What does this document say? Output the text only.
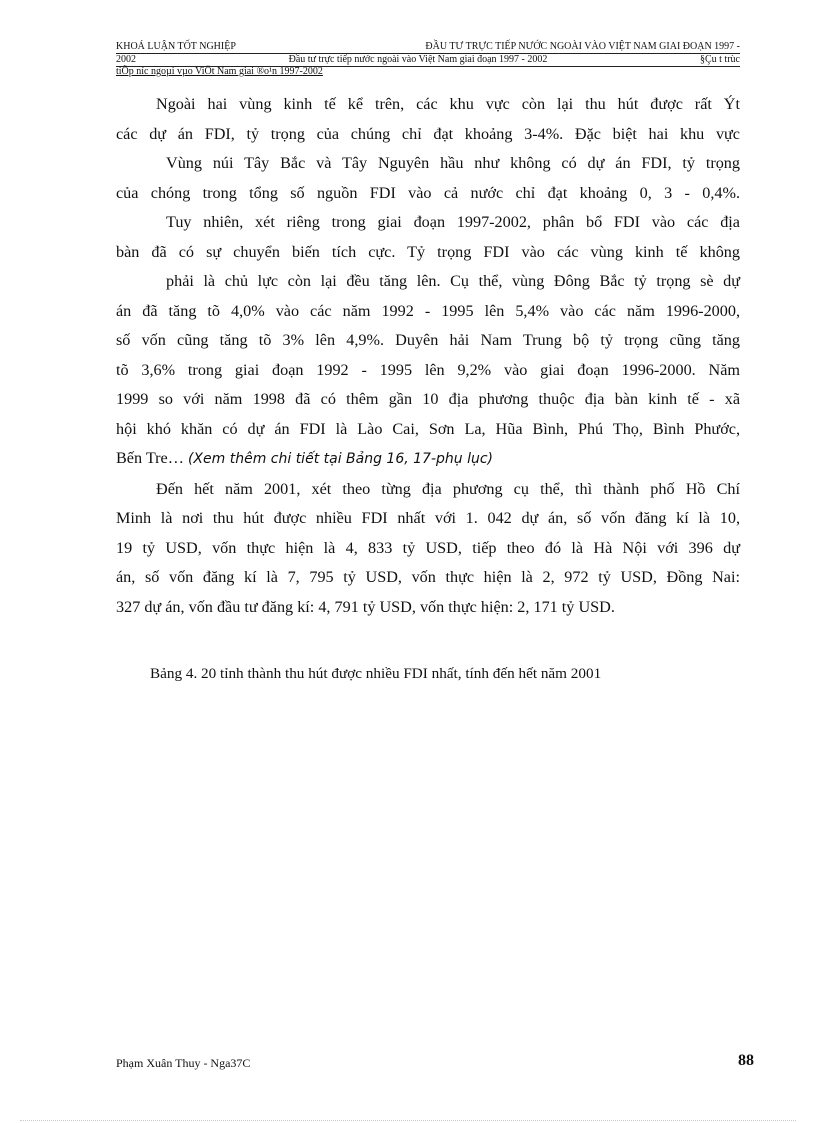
KHOÁ LUẬN TỐT NGHIỆP	ĐẦU TƯ TRỰC TIẾP NƯỚC NGOÀI VÀO VIỆT NAM GIAI ĐOẠN 1997 -
2002	Đầu tư trực tiếp nước ngoài vào Việt Nam giai đoạn 1997 - 2002	§Çu t trùc
tiÕp níc ngoµi vµo ViÖt Nam giai ®o¹n 1997-2002

Ngoài hai vùng kinh tế kể trên, các khu vực còn lại thu hút được rất Ýt
các dự án FDI, tỷ trọng của chúng chỉ đạt khoảng 3-4%. Đặc biệt hai khu vực
Vùng núi Tây Bắc và Tây Nguyên hầu như không có dự án FDI, tỷ trọng
của chóng trong tổng số nguồn FDI vào cả nước chỉ đạt khoảng 0, 3 - 0,4%.

Tuy nhiên, xét riêng trong giai đoạn 1997-2002, phân bổ FDI vào các địa
bàn đã có sự chuyển biến tích cực. Tỷ trọng FDI vào các vùng kinh tế không
phải là chủ lực còn lại đều tăng lên. Cụ thể, vùng Đông Bắc tỷ trọng sè dự
án đã tăng tõ 4,0% vào các năm 1992 - 1995 lên 5,4% vào các năm 1996-2000,
số vốn cũng tăng tõ 3% lên 4,9%. Duyên hải Nam Trung bộ tỷ trọng cũng tăng
tõ 3,6% trong giai đoạn 1992 - 1995 lên 9,2% vào giai đoạn 1996-2000. Năm
1999 so với năm 1998 đã có thêm gần 10 địa phương thuộc địa bàn kinh tế - xã
hội khó khăn có dự án FDI là Lào Cai, Sơn La, Hũa Bình, Phú Thọ, Bình Phước,
Bến Tre… (Xem thêm chi tiết tại Bảng 16, 17-phụ lục)

Đến hết năm 2001, xét theo từng địa phương cụ thể, thì thành phố Hồ Chí
Minh là nơi thu hút được nhiều FDI nhất với 1. 042 dự án, số vốn đăng kí là 10,
19 tỷ USD, vốn thực hiện là 4, 833 tỷ USD, tiếp theo đó là Hà Nội với 396 dự
án, số vốn đăng kí là 7, 795 tỷ USD, vốn thực hiện là 2, 972 tỷ USD, Đồng Nai:
327 dự án, vốn đầu tư đăng kí: 4, 791 tỷ USD, vốn thực hiện: 2, 171 tỷ USD.

Bảng 4. 20 tỉnh thành thu hút được nhiều FDI nhất, tính đến hết năm 2001
Phạm Xuân Thuy - Nga37C	88
